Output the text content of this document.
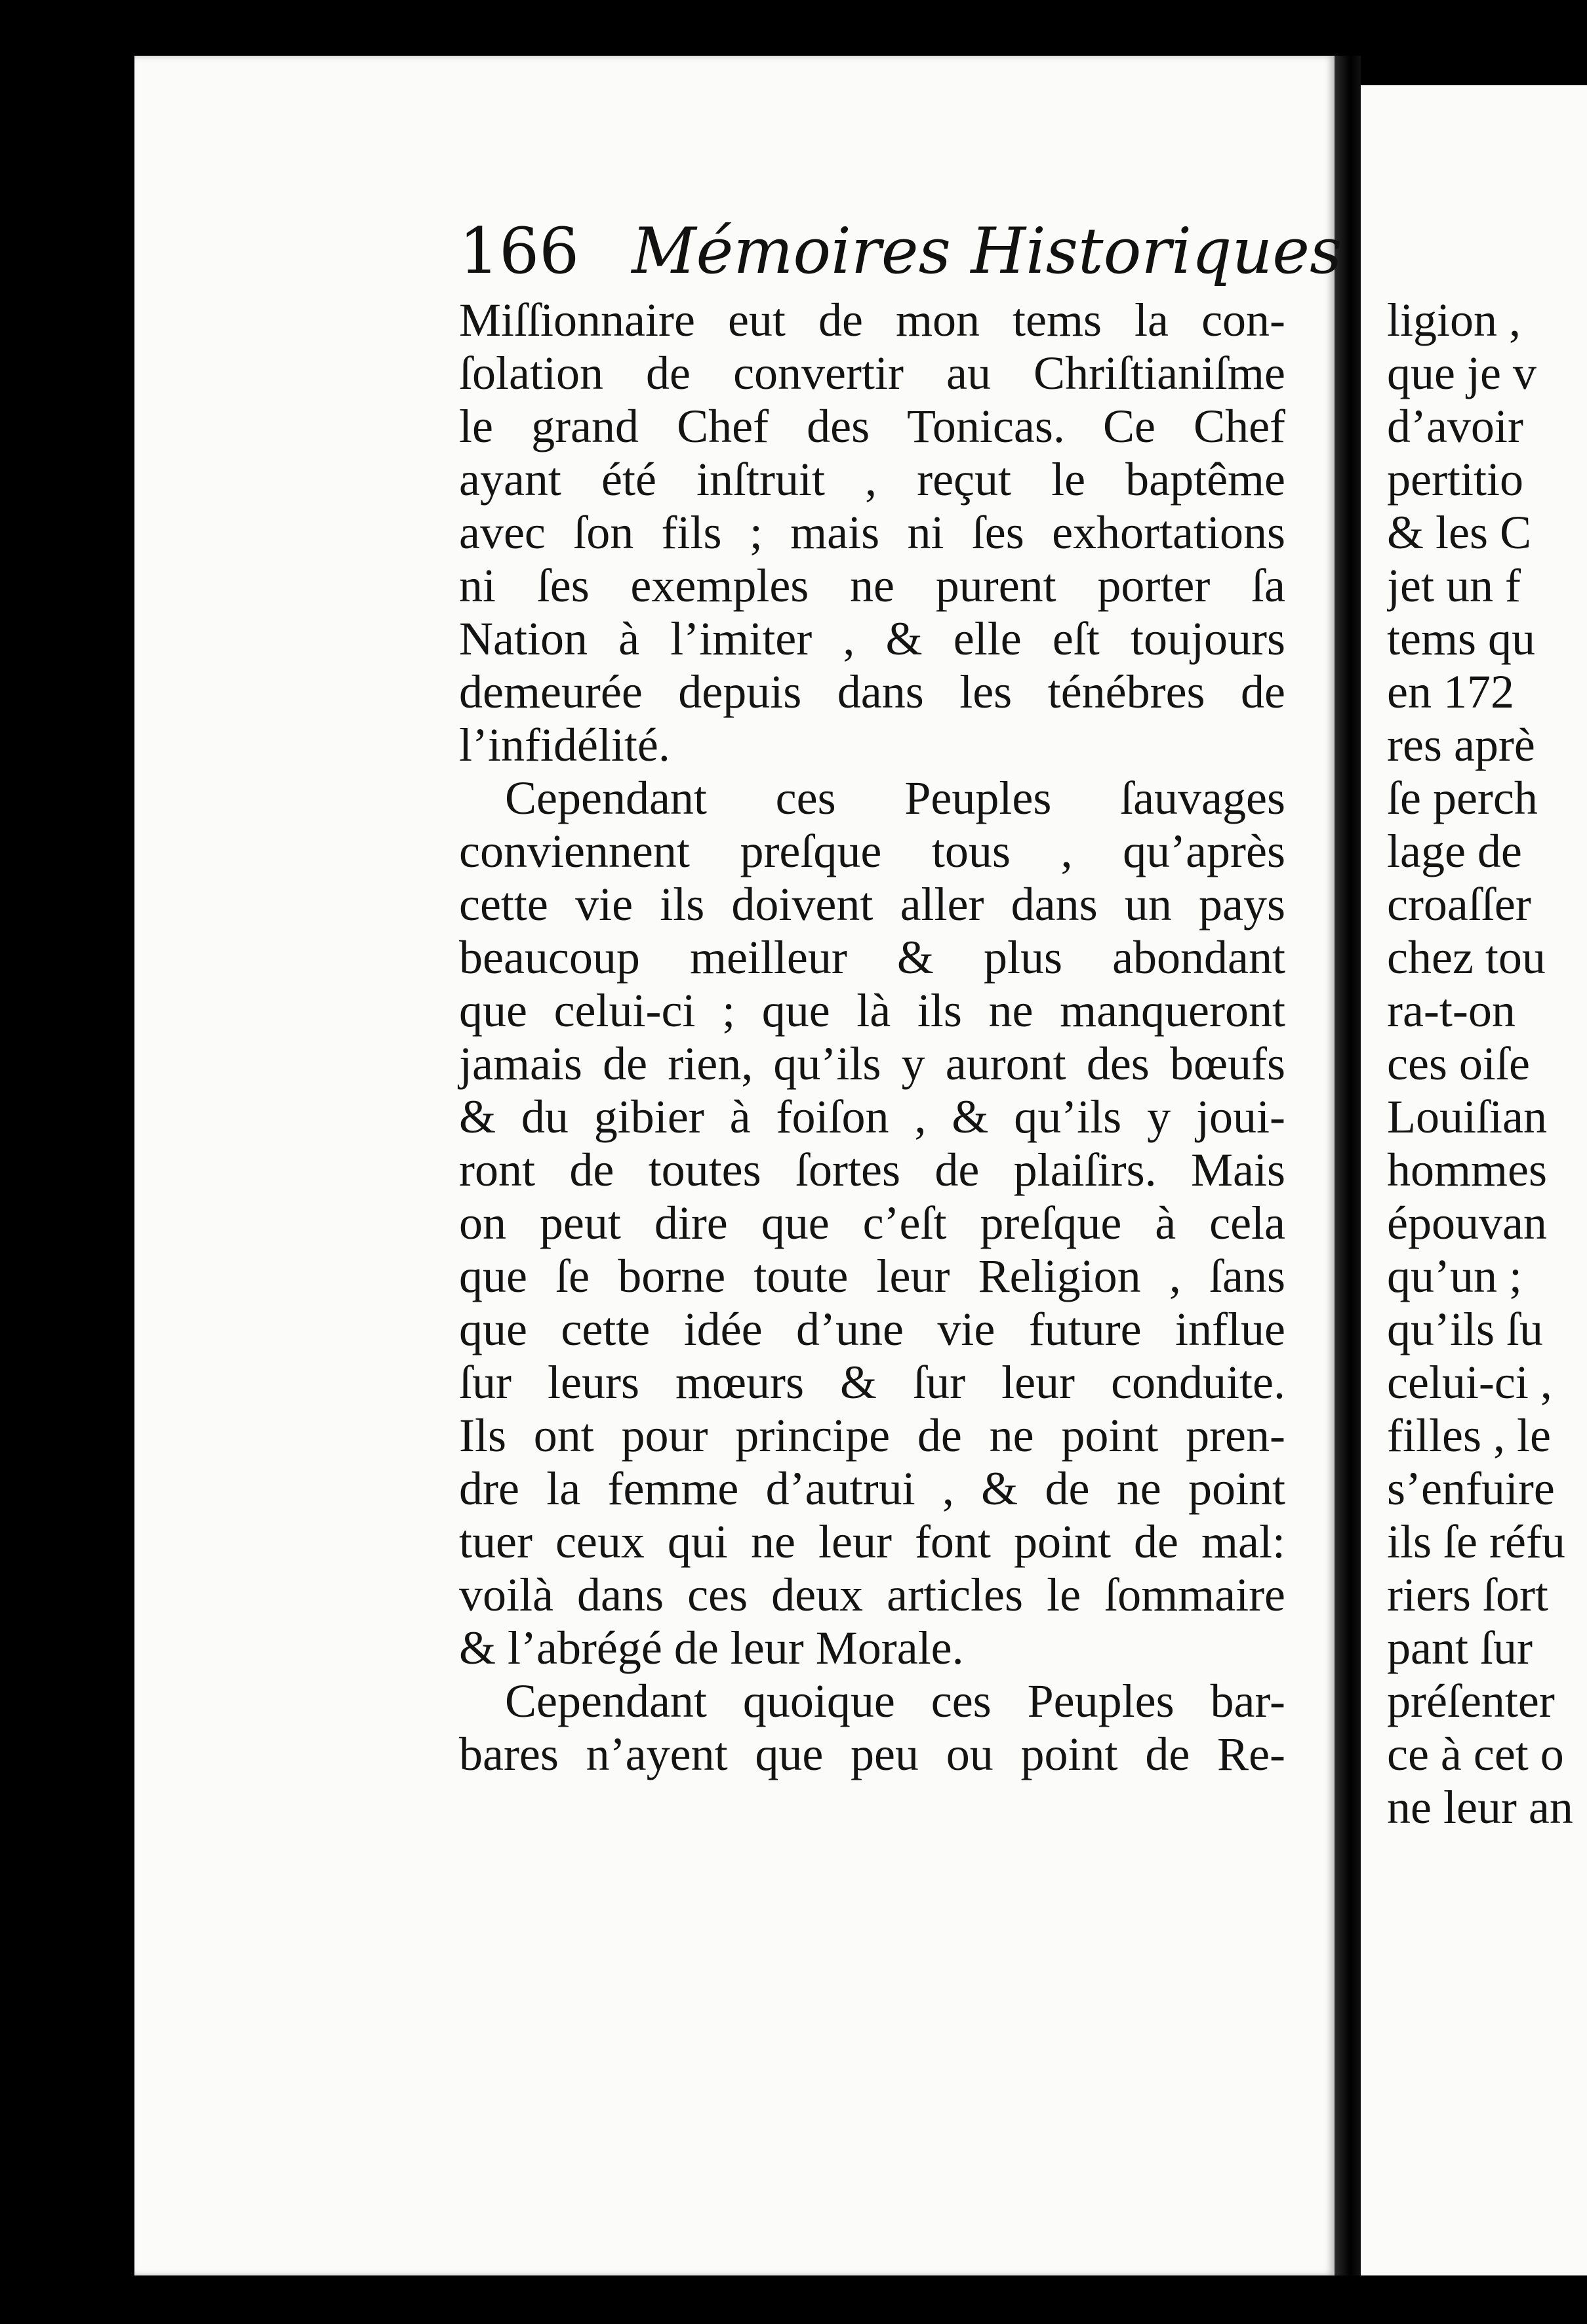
166 Mémoires Historiques
Miſſionnaire eut de mon tems la con-
ſolation de convertir au Chriſtianiſme
le grand Chef des Tonicas. Ce Chef
ayant été inſtruit , reçut le baptême
avec ſon fils ; mais ni ſes exhortations
ni ſes exemples ne purent porter ſa
Nation à l’imiter , & elle eſt toujours
demeurée depuis dans les ténébres de
l’infidélité.
Cependant ces Peuples ſauvages
conviennent preſque tous , qu’après
cette vie ils doivent aller dans un pays
beaucoup meilleur & plus abondant
que celui-ci ; que là ils ne manqueront
jamais de rien, qu’ils y auront des bœufs
& du gibier à foiſon , & qu’ils y joui-
ront de toutes ſortes de plaiſirs. Mais
on peut dire que c’eſt preſque à cela
que ſe borne toute leur Religion , ſans
que cette idée d’une vie future influe
ſur leurs mœurs & ſur leur conduite.
Ils ont pour principe de ne point pren-
dre la femme d’autrui , & de ne point
tuer ceux qui ne leur font point de mal:
voilà dans ces deux articles le ſommaire
& l’abrégé de leur Morale.
Cependant quoique ces Peuples bar-
bares n’ayent que peu ou point de Re-
ligion ,
que je v
d’avoir
pertitio
& les C
jet un f
tems qu
en 172
res aprè
ſe perch
lage de
croaſſer
chez tou
ra-t-on
ces oiſe
Louiſian
hommes
épouvan
qu’un ;
qu’ils ſu
celui-ci ,
filles , le
s’enfuire
ils ſe réfu
riers ſort
pant ſur
préſenter
ce à cet o
ne leur an
